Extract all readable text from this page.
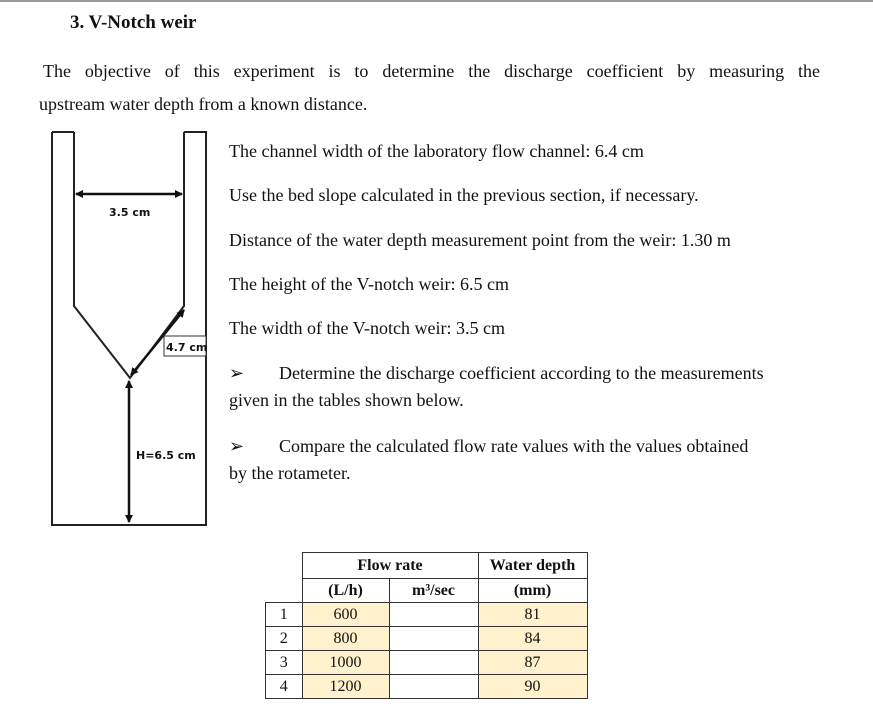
3. V-Notch weir
The objective of this experiment is to determine the discharge coefficient by measuring the
upstream water depth from a known distance.
3.5 cm
4.7 cm
H=6.5 cm
The channel width of the laboratory flow channel: 6.4 cm
Use the bed slope calculated in the previous section, if necessary.
Distance of the water depth measurement point from the weir: 1.30 m
The height of the V-notch weir: 6.5 cm
The width of the V-notch weir: 3.5 cm
➢ Determine the discharge coefficient according to the measurements
given in the tables shown below.
➢ Compare the calculated flow rate values with the values obtained
by the rotameter.
	Flow rate		Water depth
	(L/h)	m³/sec	(mm)
1	600		81
2	800		84
3	1000		87
4	1200		90
